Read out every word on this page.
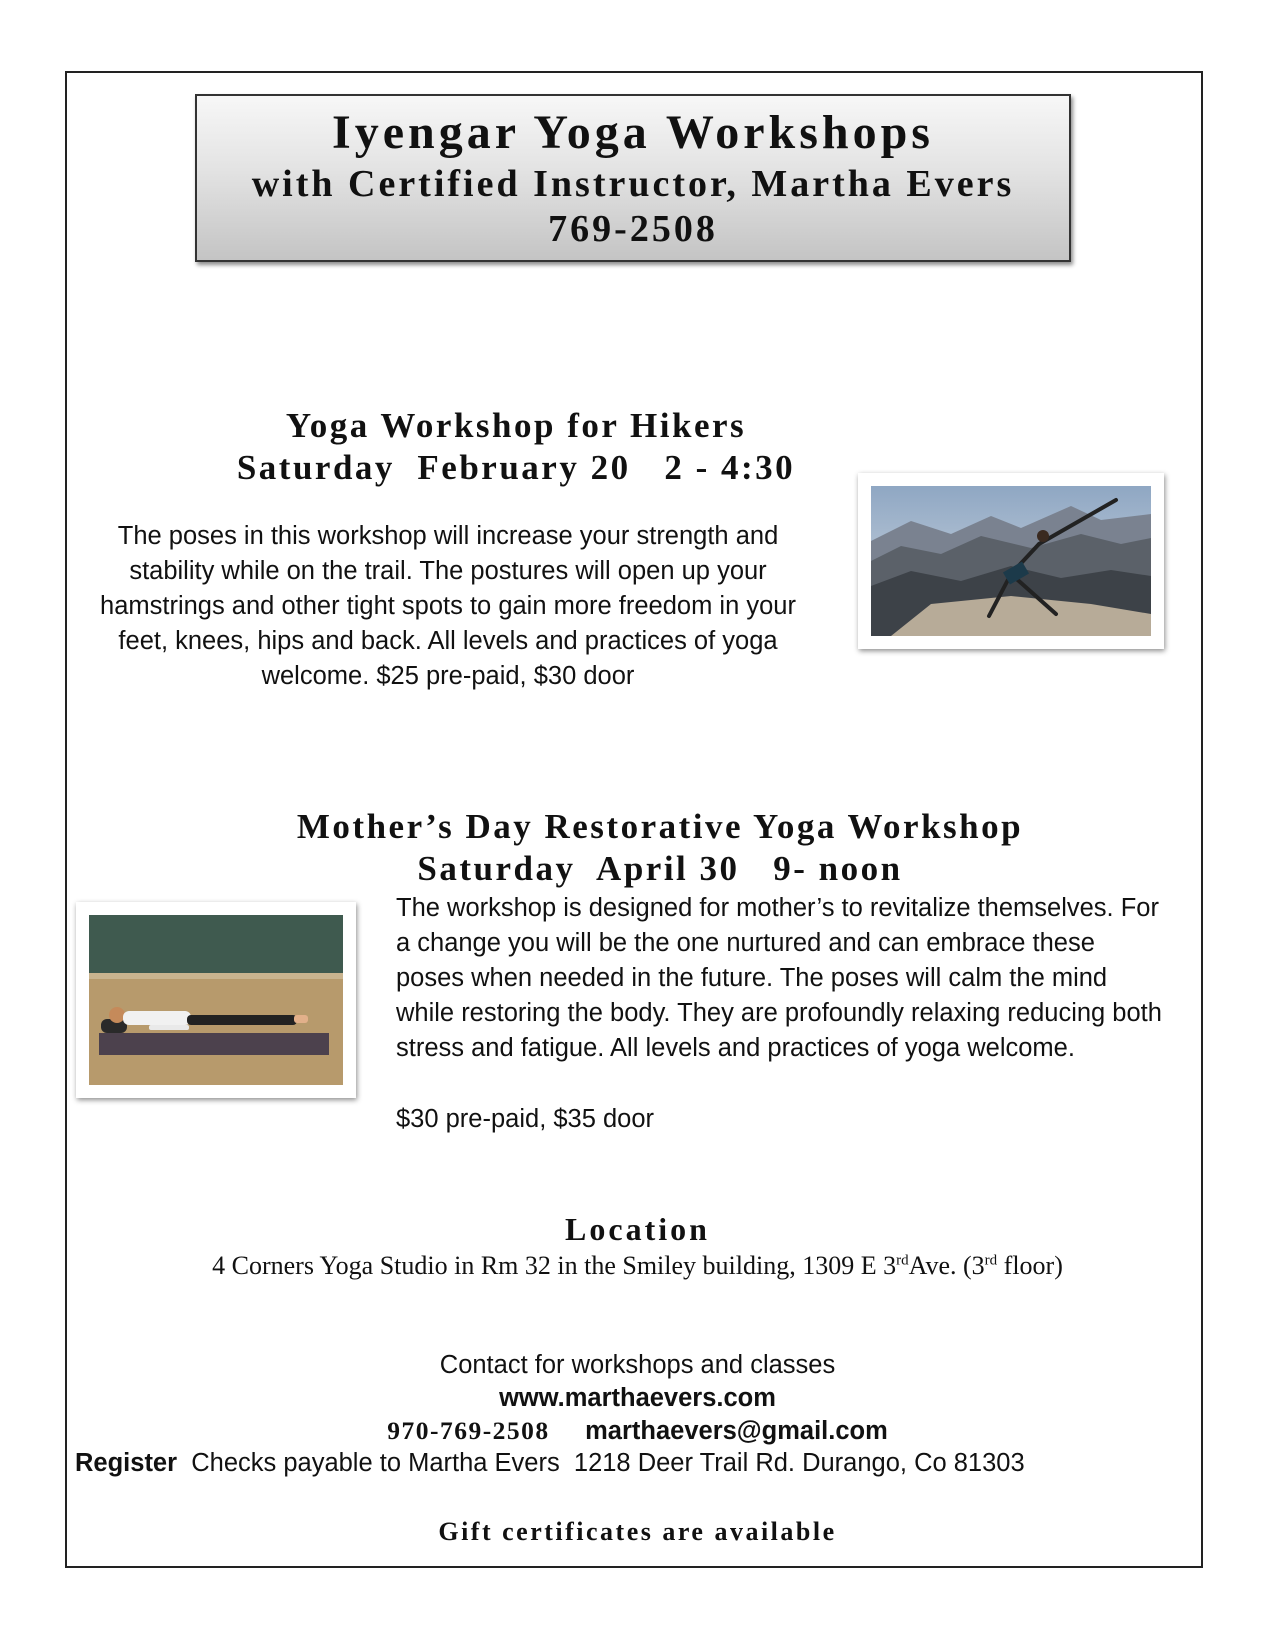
Iyengar Yoga Workshops
with Certified Instructor, Martha Evers
769-2508
Yoga Workshop for Hikers
Saturday  February 20   2 - 4:30
The poses in this workshop will increase your strength and stability while on the trail. The postures will open up your hamstrings and other tight spots to gain more freedom in your feet, knees, hips and back. All levels and practices of yoga welcome. $25 pre-paid, $30 door
Mother’s Day Restorative Yoga Workshop
Saturday  April 30   9- noon
The workshop is designed for mother’s to revitalize themselves. For a change you will be the one nurtured and can embrace these poses when needed in the future. The poses will calm the mind while restoring the body. They are profoundly relaxing reducing both stress and fatigue. All levels and practices of yoga welcome.
$30 pre-paid, $35 door
Location
4 Corners Yoga Studio in Rm 32 in the Smiley building, 1309 E 3rdAve. (3rd floor)
Contact for workshops and classes
www.marthaevers.com
970-769-2508 marthaevers@gmail.com
Register  Checks payable to Martha Evers  1218 Deer Trail Rd. Durango, Co 81303
Gift certificates are available
